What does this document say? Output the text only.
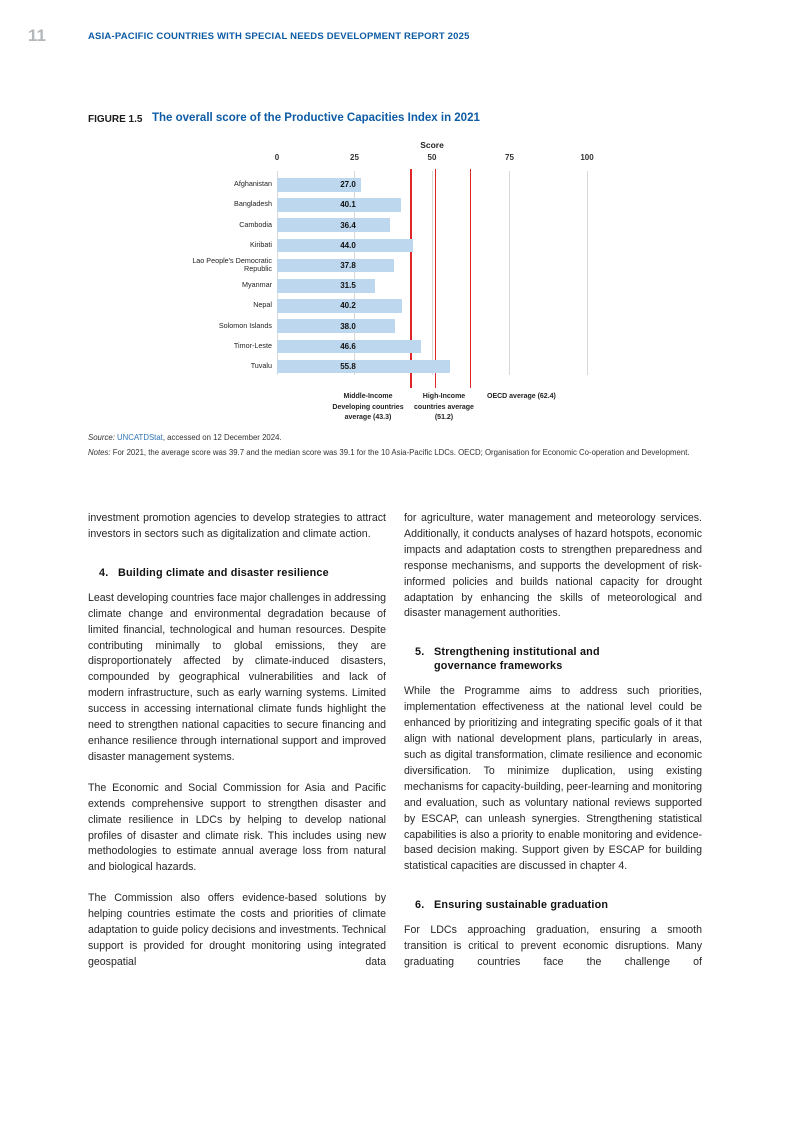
11	ASIA-PACIFIC COUNTRIES WITH SPECIAL NEEDS DEVELOPMENT REPORT 2025
FIGURE 1.5 The overall score of the Productive Capacities Index in 2021
Score
0	25	50	75	100
Afghanistan	27.0
Bangladesh	40.1
Cambodia	36.4
Kiribati	44.0
Lao People's Democratic Republic	37.8
Myanmar	31.5
Nepal	40.2
Solomon Islands	38.0
Timor-Leste	46.6
Tuvalu	55.8
Middle-Income
Developing countries
average (43.3)
High-Income
countries average
(51.2)
OECD average (62.4)
Source: UNCATDStat, accessed on 12 December 2024.
Notes: For 2021, the average score was 39.7 and the median score was 39.1 for the 10 Asia-Pacific LDCs. OECD; Organisation for Economic Co-operation and Development.

investment promotion agencies to develop strategies to attract investors in sectors such as digitalization and climate action.

4. Building climate and disaster resilience

Least developing countries face major challenges in addressing climate change and environmental degradation because of limited financial, technological and human resources. Despite contributing minimally to global emissions, they are disproportionately affected by climate-induced disasters, compounded by geographical vulnerabilities and lack of modern infrastructure, such as early warning systems. Limited success in accessing international climate funds highlight the need to strengthen national capacities to secure financing and enhance resilience through international support and improved disaster management systems.

The Economic and Social Commission for Asia and Pacific extends comprehensive support to strengthen disaster and climate resilience in LDCs by helping to develop national profiles of disaster and climate risk. This includes using new methodologies to estimate annual average loss from natural and biological hazards.

The Commission also offers evidence-based solutions by helping countries estimate the costs and priorities of climate adaptation to guide policy decisions and investments. Technical support is provided for drought monitoring using integrated geospatial data

for agriculture, water management and meteorology services. Additionally, it conducts analyses of hazard hotspots, economic impacts and adaptation costs to strengthen preparedness and response mechanisms, and supports the development of risk-informed policies and builds national capacity for drought adaptation by enhancing the skills of meteorological and disaster management authorities.

5. Strengthening institutional and
governance frameworks

While the Programme aims to address such priorities, implementation effectiveness at the national level could be enhanced by prioritizing and integrating specific goals of it that align with national development plans, particularly in areas, such as digital transformation, climate resilience and economic diversification. To minimize duplication, using existing mechanisms for capacity-building, peer-learning and monitoring and evaluation, such as voluntary national reviews supported by ESCAP, can unleash synergies. Strengthening statistical capabilities is also a priority to enable monitoring and evidence-based decision making. Support given by ESCAP for building statistical capacities are discussed in chapter 4.

6. Ensuring sustainable graduation

For LDCs approaching graduation, ensuring a smooth transition is critical to prevent economic disruptions. Many graduating countries face the challenge of
